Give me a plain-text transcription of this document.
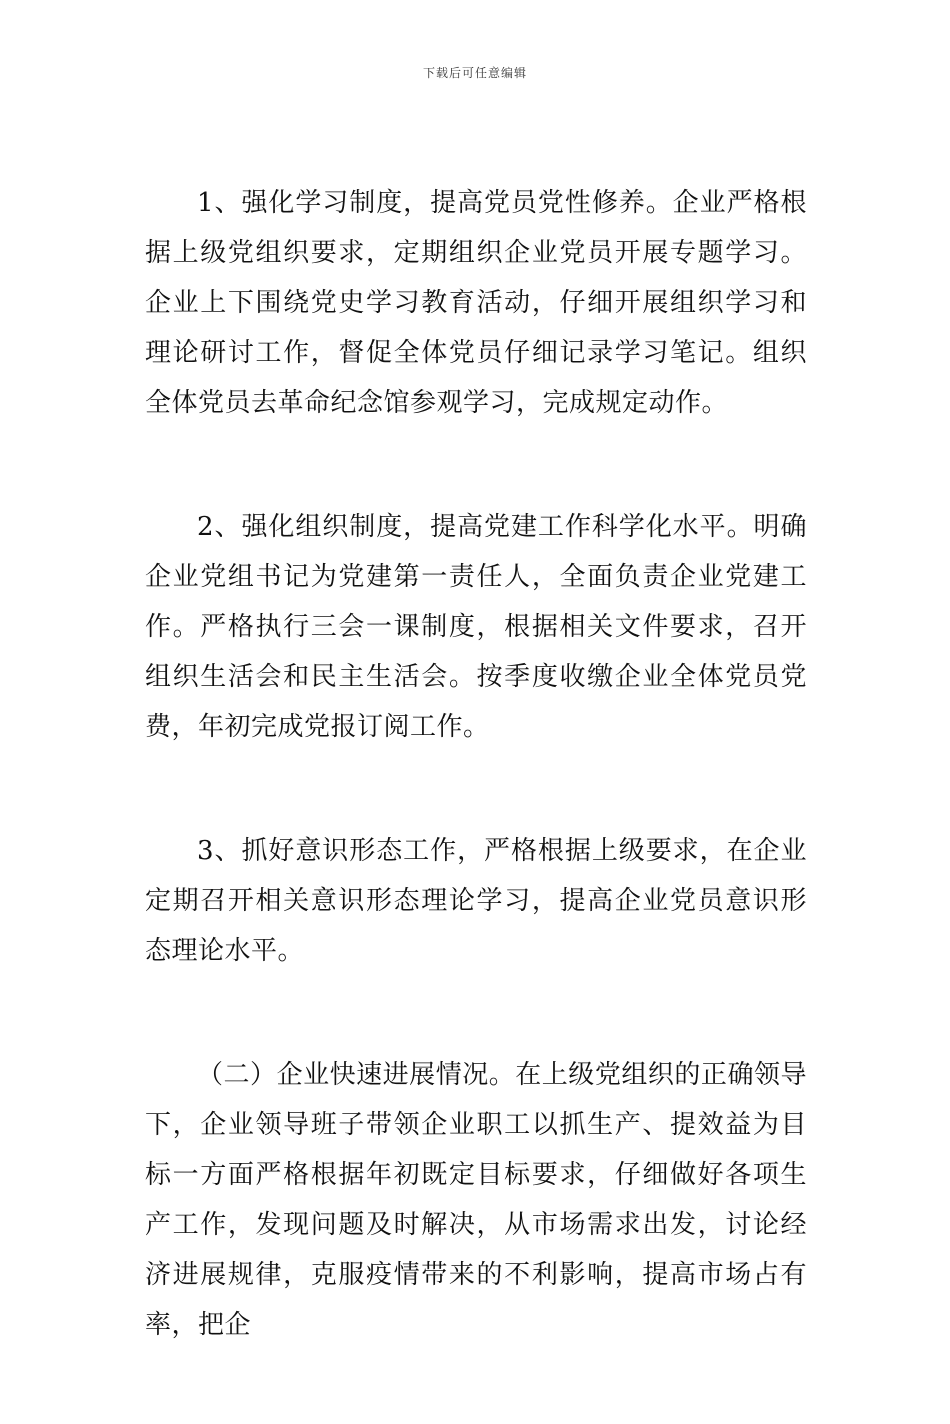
下载后可任意编辑

1、强化学习制度，提高党员党性修养。企业严格根据上级党组织要求，定期组织企业党员开展专题学习。企业上下围绕党史学习教育活动，仔细开展组织学习和理论研讨工作，督促全体党员仔细记录学习笔记。组织全体党员去革命纪念馆参观学习，完成规定动作。

2、强化组织制度，提高党建工作科学化水平。明确企业党组书记为党建第一责任人，全面负责企业党建工作。严格执行三会一课制度，根据相关文件要求，召开组织生活会和民主生活会。按季度收缴企业全体党员党费，年初完成党报订阅工作。

3、抓好意识形态工作，严格根据上级要求，在企业定期召开相关意识形态理论学习，提高企业党员意识形态理论水平。

（二）企业快速进展情况。在上级党组织的正确领导下，企业领导班子带领企业职工以抓生产、提效益为目标一方面严格根据年初既定目标要求，仔细做好各项生产工作，发现问题及时解决，从市场需求出发，讨论经济进展规律，克服疫情带来的不利影响，提高市场占有率，把企
